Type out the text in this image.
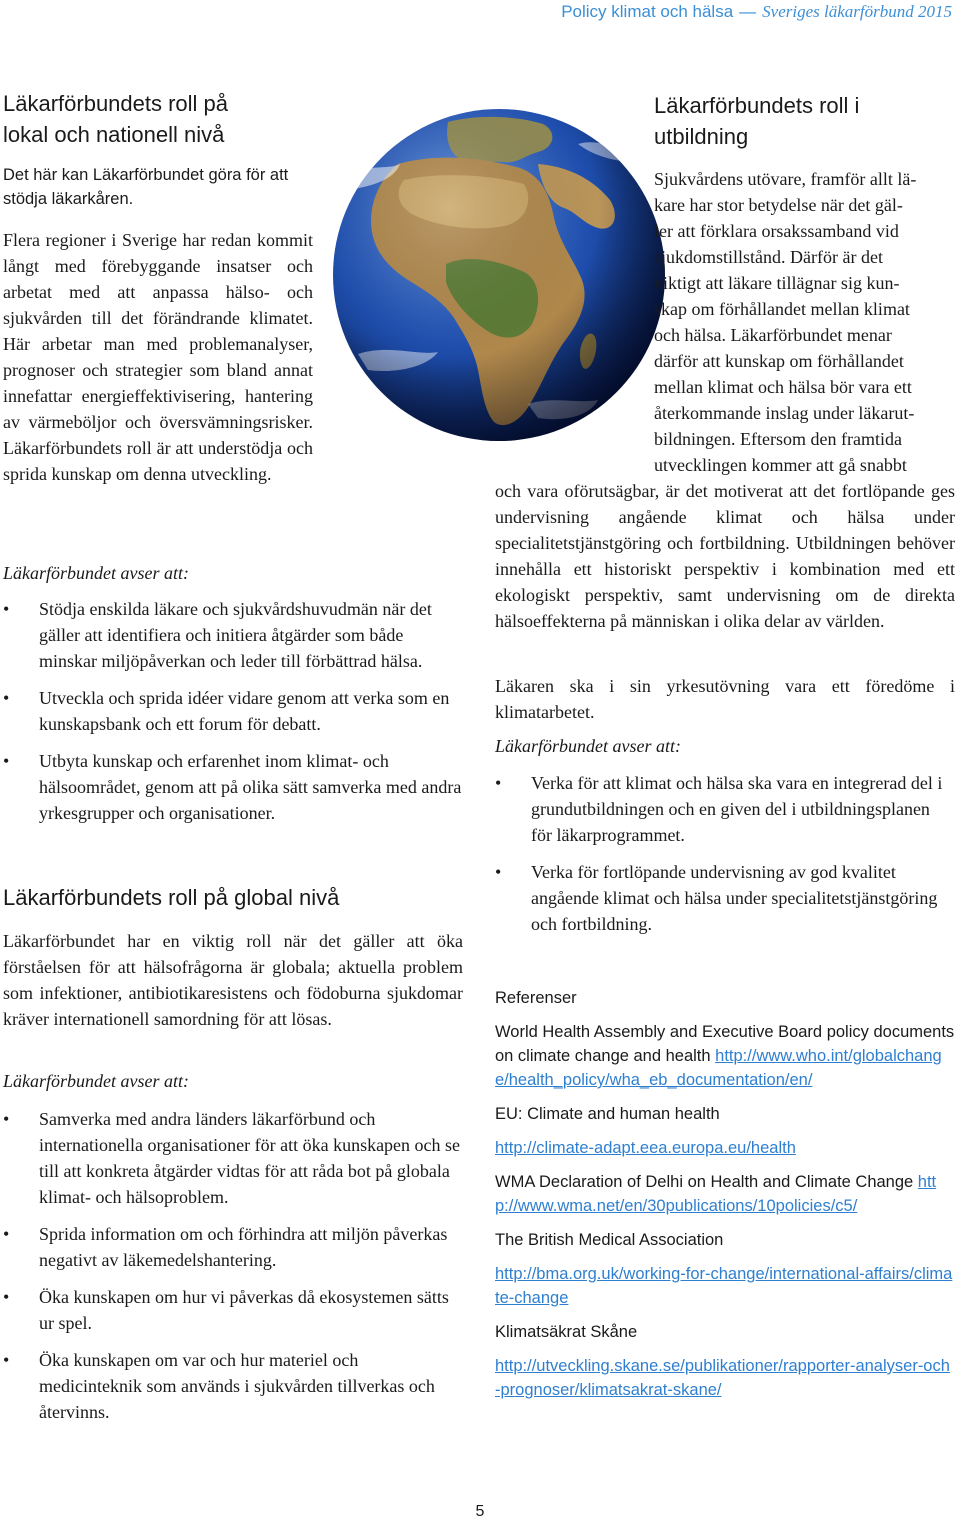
Policy klimat och hälsa — Sveriges läkarförbund 2015
Läkarförbundets roll på
lokal och nationell nivå

Det här kan Läkarförbundet göra för att stödja läkarkåren.

Flera regioner i Sverige har redan kommit långt med förebyggande insatser och arbetat med att anpassa hälso- och sjukvården till det förändrande klimatet. Här arbetar man med problemanalyser, prognoser och strategier som bland annat innefattar energieffektivisering, hantering av värmeböljor och översvämningsrisker. Läkarförbundets roll är att understödja och sprida kunskap om denna utveckling.

Läkarförbundet avser att:

• Stödja enskilda läkare och sjukvårdshuvudmän när det gäller att identifiera och initiera åtgärder som både minskar miljöpåverkan och leder till förbättrad hälsa.
• Utveckla och sprida idéer vidare genom att verka som en kunskapsbank och ett forum för debatt.
• Utbyta kunskap och erfarenhet inom klimat- och hälsoområdet, genom att på olika sätt samverka med andra yrkesgrupper och organisationer.
Läkarförbundets roll på global nivå

Läkarförbundet har en viktig roll när det gäller att öka förståelsen för att hälsofrågorna är globala; aktuella problem som infektioner, antibiotikaresistens och födoburna sjukdomar kräver internationell samordning för att lösas.

Läkarförbundet avser att:

• Samverka med andra länders läkarförbund och internationella organisationer för att öka kunskapen och se till att konkreta åtgärder vidtas för att råda bot på globala klimat- och hälsoproblem.
• Sprida information om och förhindra att miljön påverkas negativt av läkemedelshantering.
• Öka kunskapen om hur vi påverkas då ekosystemen sätts ur spel.
• Öka kunskapen om var och hur materiel och medicinteknik som används i sjukvården tillverkas och återvinns.
Läkarförbundets roll i
utbildning
Sjukvårdens utövare, framför allt lä-
kare har stor betydelse när det gäl-
ler att förklara orsakssamband vid
sjukdomstillstånd. Därför är det
viktigt att läkare tillägnar sig kun-
skap om förhållandet mellan klimat
och hälsa. Läkarförbundet menar
därför att kunskap om förhållandet
mellan klimat och hälsa bör vara ett
återkommande inslag under läkarut-
bildningen. Eftersom den framtida
utvecklingen kommer att gå snabbt

och vara oförutsägbar, är det motiverat att det fortlöpande ges undervisning angående klimat och hälsa under specialitetstjänstgöring och fortbildning. Utbildningen behöver innehålla ett historiskt perspektiv i kombination med ett ekologiskt perspektiv, samt undervisning om de direkta hälsoeffekterna på människan i olika delar av världen.

Läkaren ska i sin yrkesutövning vara ett föredöme i klimatarbetet.

Läkarförbundet avser att:

• Verka för att klimat och hälsa ska vara en integrerad del i grundutbildningen och en given del i utbildningsplanen för läkarprogrammet.
• Verka för fortlöpande undervisning av god kvalitet angående klimat och hälsa under specialitetstjänstgöring och fortbildning.

Referenser

World Health Assembly and Executive Board policy documents on climate change and health http://www.who.int/globalchange/health_policy/wha_eb_documentation/en/

EU: Climate and human health

http://climate-adapt.eea.europa.eu/health

WMA Declaration of Delhi on Health and Climate Change http://www.wma.net/en/30publications/10policies/c5/

The British Medical Association

http://bma.org.uk/working-for-change/international-affairs/climate-change

Klimatsäkrat Skåne

http://utveckling.skane.se/publikationer/rapporter-analyser-och-prognoser/klimatsakrat-skane/

5
